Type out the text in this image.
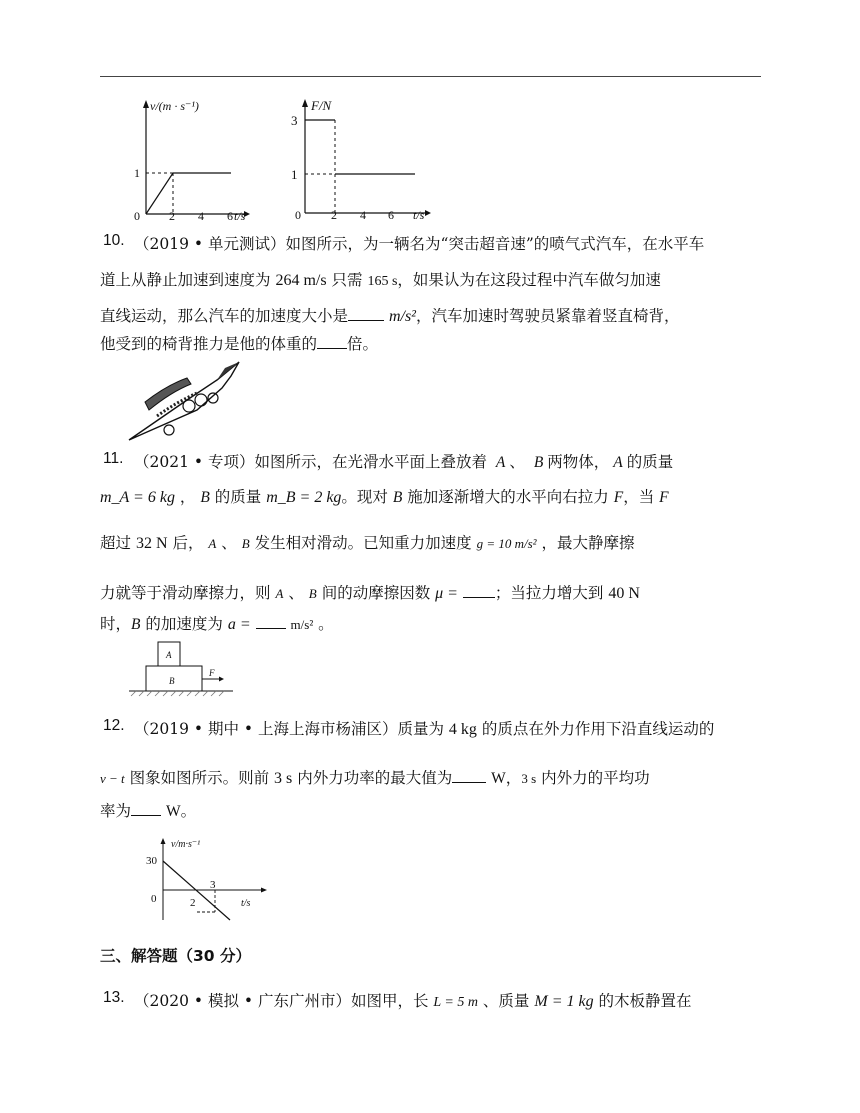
v/(m · s⁻¹)
1
0 2 4 6 t/s
F/N
3
1
0	2 4 6 t/s
10. （2019 • 单元测试）如图所示，为一辆名为“突击超音速”的喷气式汽车，在水平车
道上从静止加速到速度为 264 m/s 只需 165 s，如果认为在这段过程中汽车做匀加速
直线运动，那么汽车的加速度大小是	m/s²，汽车加速时驾驶员紧靠着竖直椅背，
他受到的椅背推力是他的体重的 倍。
11. （2021 • 专项）如图所示，在光滑水平面上叠放着 A 、 B 两物体， A 的质量
m_A = 6 kg ， B 的质量 m_B = 2 kg。现对 B 施加逐渐增大的水平向右拉力 F，当 F
超过 32 N 后， A 、 B 发生相对滑动。已知重力加速度 g = 10 m/s² ，最大静摩擦
力就等于滑动摩擦力，则 A 、 B 间的动摩擦因数 μ = ；当拉力增大到 40 N
时，B 的加速度为 a =	m/s² 。
A
B
F
12. （2019 • 期中 • 上海上海市杨浦区）质量为 4 kg 的质点在外力作用下沿直线运动的
v − t 图象如图所示。则前 3 s 内外力功率的最大值为	W，3 s 内外力的平均功
率为 W。
v/m·s⁻¹
30
0	2
3
t/s
三、解答题（30 分）
13. （2020 • 模拟 • 广东广州市）如图甲，长 L = 5 m 、质量 M = 1 kg 的木板静置在
